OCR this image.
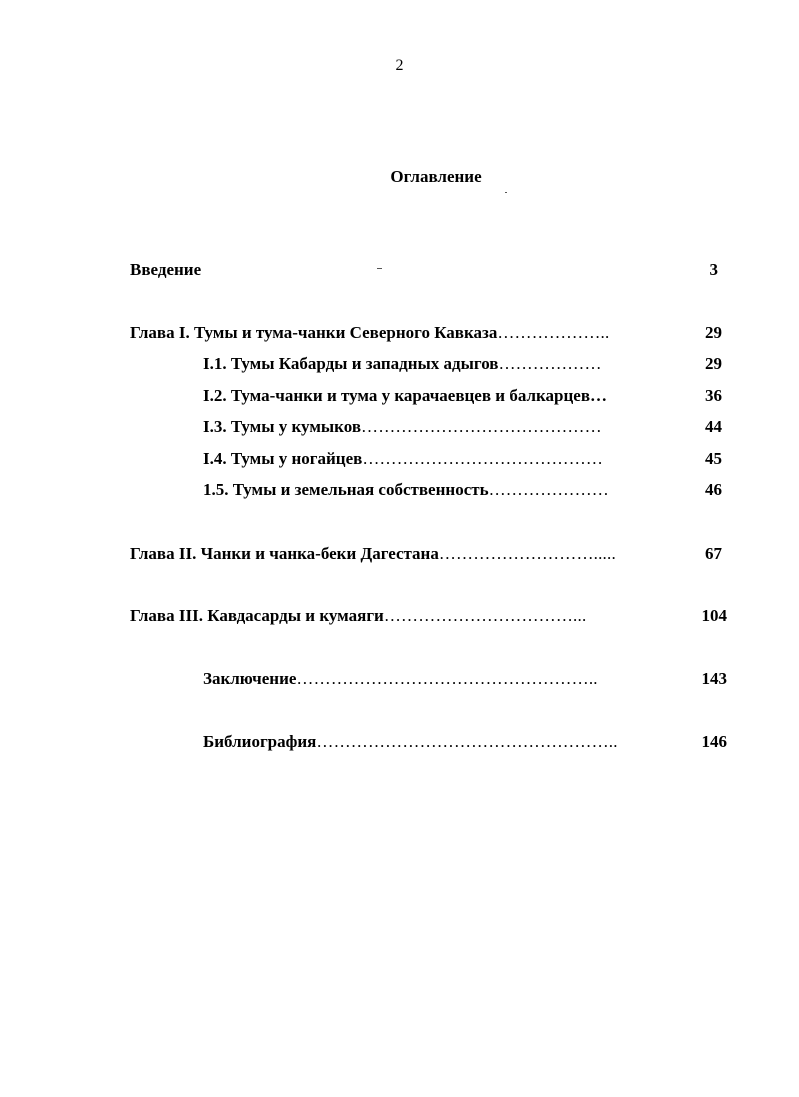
2
Оглавление
Введение	3
Глава I. Тумы и тума-чанки Северного Кавказа………………..	29
I.1. Тумы Кабарды и западных адыгов………………	29
I.2. Тума-чанки и тума у карачаевцев и балкарцев…	36
I.3. Тумы у кумыков……………………………………	44
I.4. Тумы у ногайцев……………………………………	45
1.5. Тумы и земельная собственность…………………	46
Глава II. Чанки и чанка-беки Дагестана……………………….....	67
Глава III. Кавдасарды и кумаяги……………………………...	104
Заключение……………………………………………..	143
Библиография……………………………………………..	146
